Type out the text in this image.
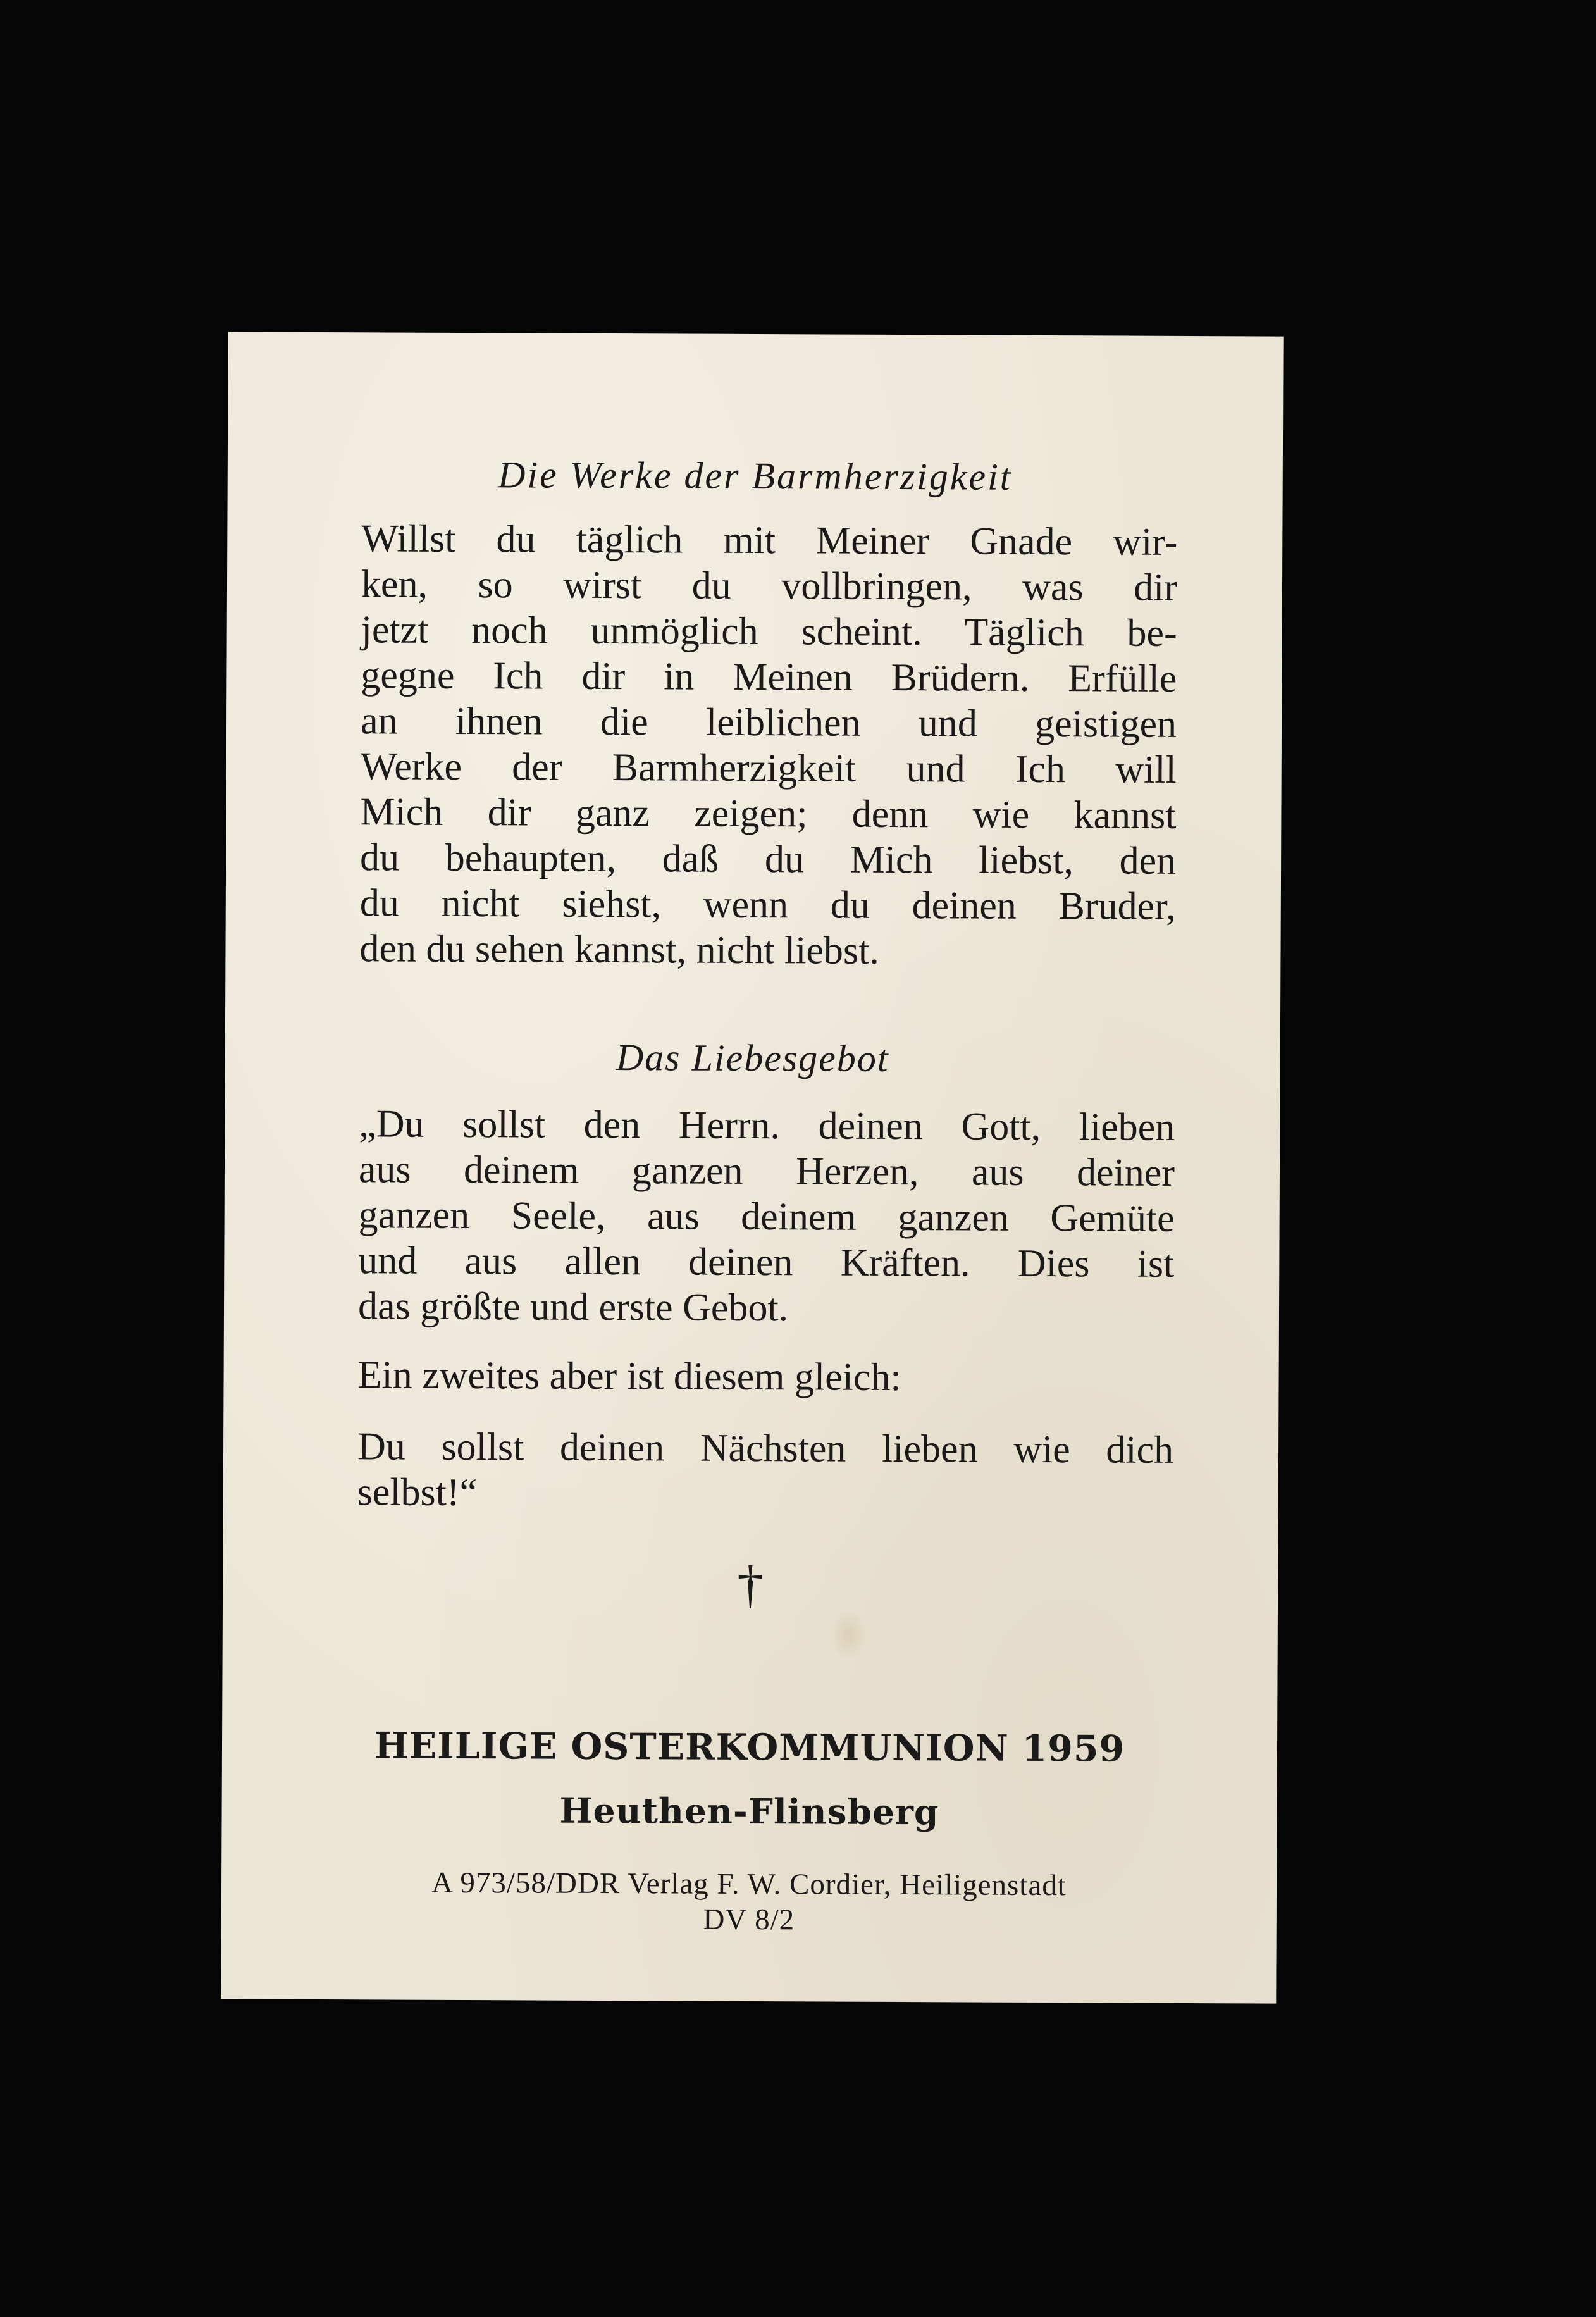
Die Werke der Barmherzigkeit
Willst du täglich mit Meiner Gnade wir-
ken, so wirst du vollbringen, was dir
jetzt noch unmöglich scheint. Täglich be-
gegne Ich dir in Meinen Brüdern. Erfülle
an ihnen die leiblichen und geistigen
Werke der Barmherzigkeit und Ich will
Mich dir ganz zeigen; denn wie kannst
du behaupten, daß du Mich liebst, den
du nicht siehst, wenn du deinen Bruder,
den du sehen kannst, nicht liebst.
Das Liebesgebot
„Du sollst den Herrn. deinen Gott, lieben
aus deinem ganzen Herzen, aus deiner
ganzen Seele, aus deinem ganzen Gemüte
und aus allen deinen Kräften. Dies ist
das größte und erste Gebot.
Ein zweites aber ist diesem gleich:
Du sollst deinen Nächsten lieben wie dich
selbst!“
†
HEILIGE OSTERKOMMUNION 1959
Heuthen-Flinsberg
A 973/58/DDR Verlag F. W. Cordier, Heiligenstadt
DV 8/2
